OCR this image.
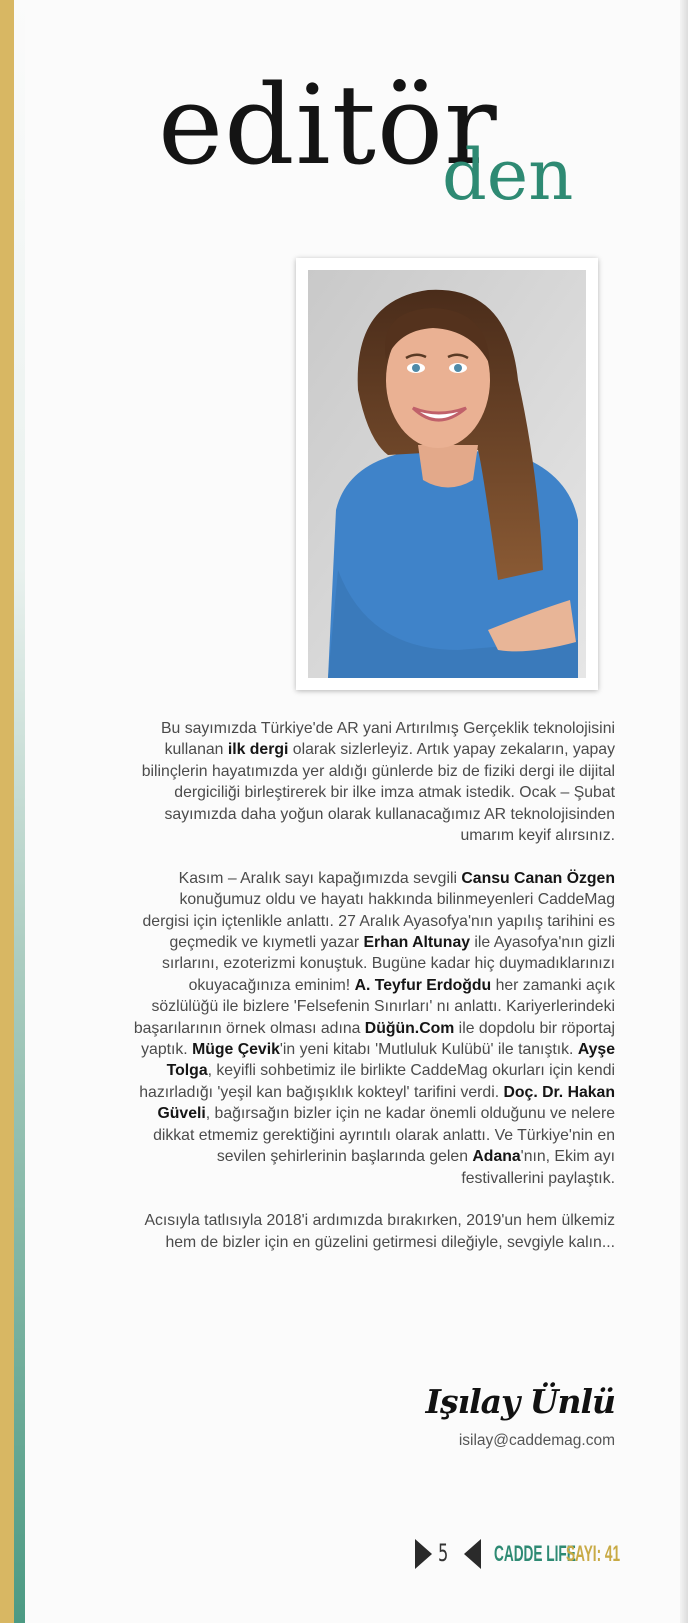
editör
den

Bu sayımızda Türkiye'de AR yani Artırılmış Gerçeklik teknolojisini kullanan ilk dergi olarak sizlerleyiz. Artık yapay zekaların, yapay bilinçlerin hayatımızda yer aldığı günlerde biz de fiziki dergi ile dijital dergiciliği birleştirerek bir ilke imza atmak istedik. Ocak – Şubat sayımızda daha yoğun olarak kullanacağımız AR teknolojisinden umarım keyif alırsınız.

Kasım – Aralık sayı kapağımızda sevgili Cansu Canan Özgen konuğumuz oldu ve hayatı hakkında bilinmeyenleri CaddeMag dergisi için içtenlikle anlattı. 27 Aralık Ayasofya'nın yapılış tarihini es geçmedik ve kıymetli yazar Erhan Altunay ile Ayasofya'nın gizli sırlarını, ezoterizmi konuştuk. Bugüne kadar hiç duymadıklarınızı okuyacağınıza eminim! A. Teyfur Erdoğdu her zamanki açık sözlülüğü ile bizlere 'Felsefenin Sınırları' nı anlattı. Kariyerlerindeki başarılarının örnek olması adına Düğün.Com ile dopdolu bir röportaj yaptık. Müge Çevik'in yeni kitabı 'Mutluluk Kulübü' ile tanıştık. Ayşe Tolga, keyifli sohbetimiz ile birlikte CaddeMag okurları için kendi hazırladığı 'yeşil kan bağışıklık kokteyl' tarifini verdi. Doç. Dr. Hakan Güveli, bağırsağın bizler için ne kadar önemli olduğunu ve nelere dikkat etmemiz gerektiğini ayrıntılı olarak anlattı. Ve Türkiye'nin en sevilen şehirlerinin başlarında gelen Adana'nın, Ekim ayı festivallerini paylaştık.

Acısıyla tatlısıyla 2018'i ardımızda bırakırken, 2019'un hem ülkemiz hem de bizler için en güzelini getirmesi dileğiyle, sevgiyle kalın...

Işılay Ünlü
isilay@caddemag.com
5 CADDE LIFE
SAYI: 41
